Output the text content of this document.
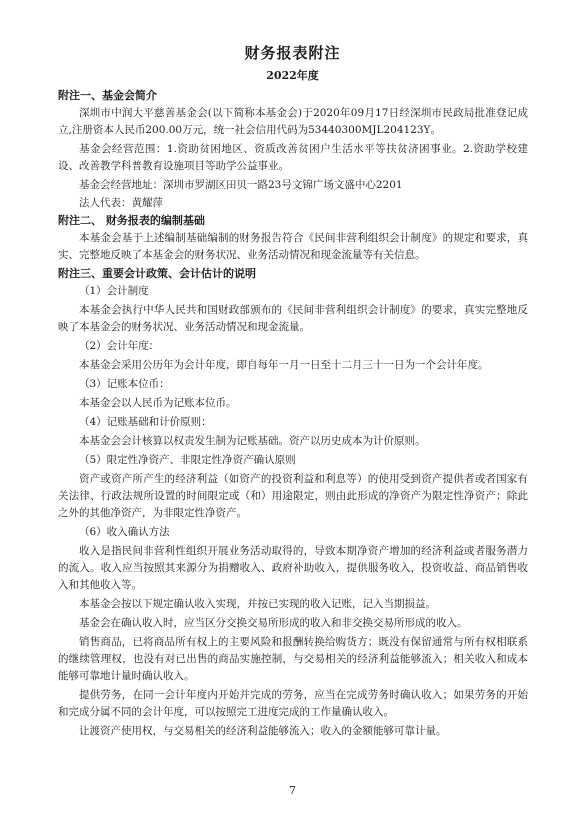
财务报表附注
2022年度
附注一、基金会简介
深圳市中润大平慈善基金会(以下简称本基金会)于2020年09月17日经深圳市民政局批准登记成立,注册资本人民币200.00万元，统一社会信用代码为53440300MJL204123Y。
基金会经营范围：1.资助贫困地区、资质改善贫困户生活水平等扶贫济困事业。2.资助学校建设、改善教学科普教育设施项目等助学公益事业。
基金会经营地址：深圳市罗湖区田贝一路23号文锦广场文盛中心2201
法人代表：黄耀萍
附注二、 财务报表的编制基础
本基金会基于上述编制基础编制的财务报告符合《民间非营利组织会计制度》的规定和要求，真实、完整地反映了本基金会的财务状况、业务活动情况和现金流量等有关信息。
附注三、重要会计政策、会计估计的说明
（1）会计制度
本基金会执行中华人民共和国财政部颁布的《民间非营利组织会计制度》的要求，真实完整地反映了本基金会的财务状况、业务活动情况和现金流量。
（2）会计年度：
本基金会采用公历年为会计年度，即自每年一月一日至十二月三十一日为一个会计年度。
（3）记账本位币：
本基金会以人民币为记账本位币。
（4）记账基础和计价原则：
本基金会会计核算以权责发生制为记账基础。资产以历史成本为计价原则。
（5）限定性净资产、非限定性净资产确认原则
资产或资产所产生的经济利益（如资产的投资利益和利息等）的使用受到资产提供者或者国家有关法律、行政法规所设置的时间限定或（和）用途限定，则由此形成的净资产为限定性净资产；除此之外的其他净资产，为非限定性净资产。
（6）收入确认方法
收入是指民间非营利性组织开展业务活动取得的，导致本期净资产增加的经济利益或者服务潜力的流入。收入应当按照其来源分为捐赠收入、政府补助收入，提供服务收入，投资收益、商品销售收入和其他收入等。
本基金会按以下规定确认收入实现，并按已实现的收入记账，记入当期损益。
基金会在确认收入时，应当区分交换交易所形成的收入和非交换交易所形成的收入。
销售商品，已将商品所有权上的主要风险和报酬转换给购货方；既没有保留通常与所有权相联系的继续管理权，也没有对已出售的商品实施控制，与交易相关的经济利益能够流入；相关收入和成本能够可靠地计量时确认收入。
提供劳务，在同一会计年度内开始并完成的劳务，应当在完成劳务时确认收入；如果劳务的开始和完成分属不同的会计年度，可以按照完工进度完成的工作量确认收入。
让渡资产使用权，与交易相关的经济利益能够流入；收入的金额能够可靠计量。
7
